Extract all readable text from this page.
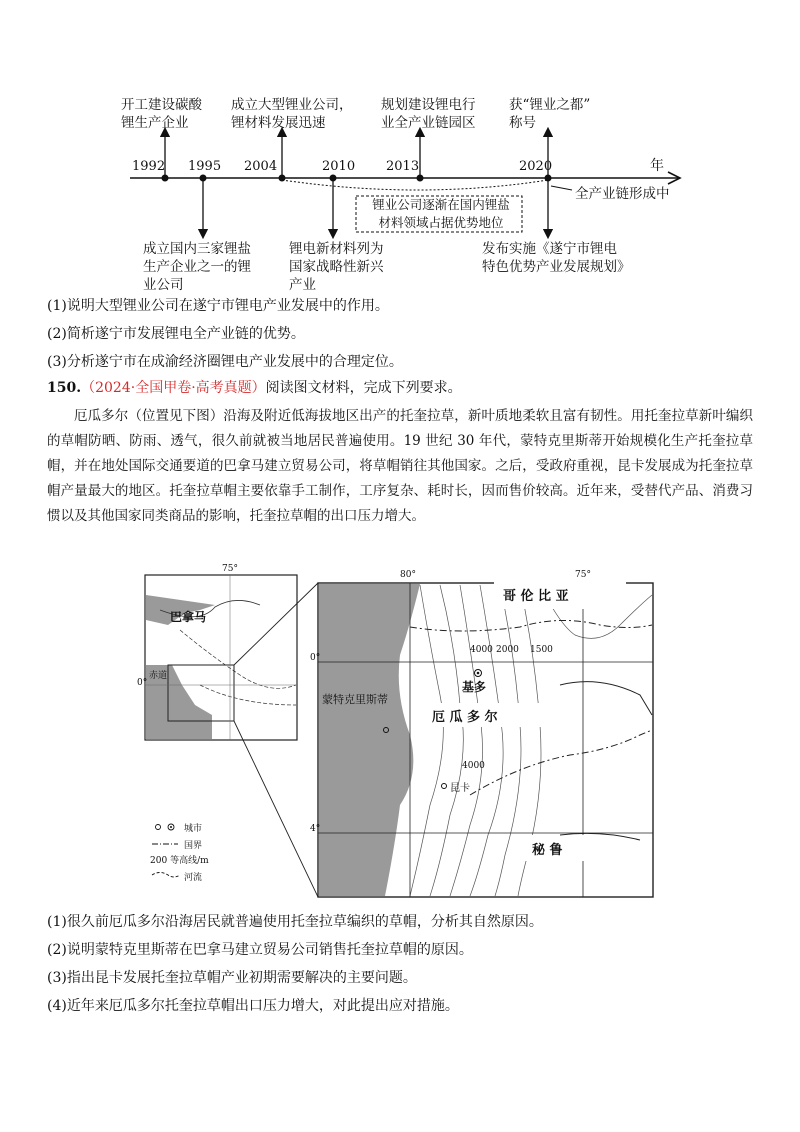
1992 1995 2004	2010 2013	2020	年
开工建设碳酸
锂生产企业
成立大型锂业公司，
锂材料发展迅速
规划建设锂电行
业全产业链园区
获“锂业之都”
称号
成立国内三家锂盐
生产企业之一的锂
业公司
锂电新材料列为
国家战略性新兴
产业
发布实施《遂宁市锂电
特色优势产业发展规划》
锂业公司逐渐在国内锂盐
材料领域占据优势地位
全产业链形成中
(1)说明大型锂业公司在遂宁市锂电产业发展中的作用。
(2)简析遂宁市发展锂电全产业链的优势。
(3)分析遂宁市在成渝经济圈锂电产业发展中的合理定位。
150.（2024·全国甲卷·高考真题）阅读图文材料，完成下列要求。
厄瓜多尔（位置见下图）沿海及附近低海拔地区出产的托奎拉草，新叶质地柔软且富有韧性。用托奎拉草新叶编织的草帽防晒、防雨、透气，很久前就被当地居民普遍使用。19 世纪 30 年代，蒙特克里斯蒂开始规模化生产托奎拉草帽，并在地处国际交通要道的巴拿马建立贸易公司，将草帽销往其他国家。之后，受政府重视，昆卡发展成为托奎拉草帽产量最大的地区。托奎拉草帽主要依靠手工制作，工序复杂、耗时长，因而售价较高。近年来，受替代产品、消费习惯以及其他国家同类商品的影响，托奎拉草帽的出口压力增大。
75°
巴拿马
赤道
0°
80°	75°
0°
4°
哥 伦 比 亚
厄 瓜 多 尔
秘 鲁
基多
昆卡
蒙特克里斯蒂
4000 2000 1500
4000
城市
国界
200 等高线/m
河流
(1)很久前厄瓜多尔沿海居民就普遍使用托奎拉草编织的草帽，分析其自然原因。
(2)说明蒙特克里斯蒂在巴拿马建立贸易公司销售托奎拉草帽的原因。
(3)指出昆卡发展托奎拉草帽产业初期需要解决的主要问题。
(4)近年来厄瓜多尔托奎拉草帽出口压力增大，对此提出应对措施。
